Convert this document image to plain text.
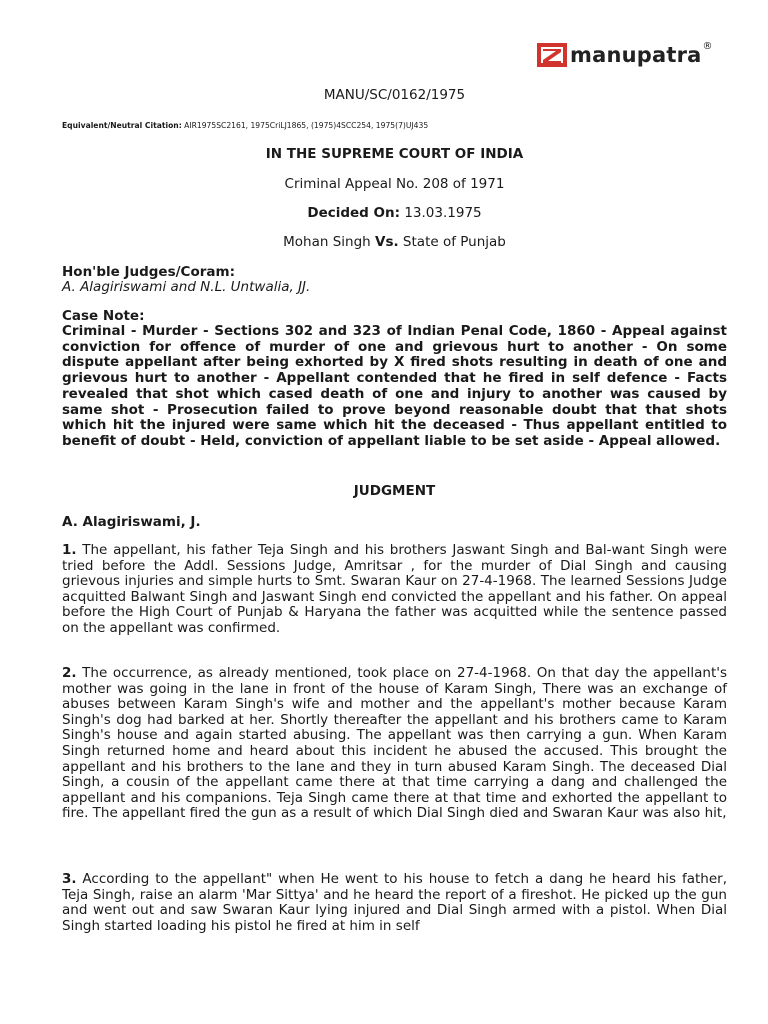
manupatra ®
MANU/SC/0162/1975
Equivalent/Neutral Citation: AIR1975SC2161, 1975CriLJ1865, (1975)4SCC254, 1975(7)UJ435
IN THE SUPREME COURT OF INDIA
Criminal Appeal No. 208 of 1971
Decided On: 13.03.1975
Mohan Singh Vs. State of Punjab
Hon'ble Judges/Coram:
A. Alagiriswami and N.L. Untwalia, JJ.
Case Note:
Criminal - Murder - Sections 302 and 323 of Indian Penal Code, 1860 - Appeal against conviction for offence of murder of one and grievous hurt to another - On some dispute appellant after being exhorted by X fired shots resulting in death of one and grievous hurt to another - Appellant contended that he fired in self defence - Facts revealed that shot which cased death of one and injury to another was caused by same shot - Prosecution failed to prove beyond reasonable doubt that that shots which hit the injured were same which hit the deceased - Thus appellant entitled to benefit of doubt - Held, conviction of appellant liable to be set aside - Appeal allowed.
JUDGMENT
A. Alagiriswami, J.
1. The appellant, his father Teja Singh and his brothers Jaswant Singh and Bal-want Singh were tried before the Addl. Sessions Judge, Amritsar , for the murder of Dial Singh and causing grievous injuries and simple hurts to Smt. Swaran Kaur on 27-4-1968. The learned Sessions Judge acquitted Balwant Singh and Jaswant Singh end convicted the appellant and his father. On appeal before the High Court of Punjab & Haryana the father was acquitted while the sentence passed on the appellant was confirmed.
2. The occurrence, as already mentioned, took place on 27-4-1968. On that day the appellant's mother was going in the lane in front of the house of Karam Singh, There was an exchange of abuses between Karam Singh's wife and mother and the appellant's mother because Karam Singh's dog had barked at her. Shortly thereafter the appellant and his brothers came to Karam Singh's house and again started abusing. The appellant was then carrying a gun. When Karam Singh returned home and heard about this incident he abused the accused. This brought the appellant and his brothers to the lane and they in turn abused Karam Singh. The deceased Dial Singh, a cousin of the appellant came there at that time carrying a dang and challenged the appellant and his companions. Teja Singh came there at that time and exhorted the appellant to fire. The appellant fired the gun as a result of which Dial Singh died and Swaran Kaur was also hit,
3. According to the appellant" when He went to his house to fetch a dang he heard his father, Teja Singh, raise an alarm 'Mar Sittya' and he heard the report of a fireshot. He picked up the gun and went out and saw Swaran Kaur lying injured and Dial Singh armed with a pistol. When Dial Singh started loading his pistol he fired at him in self
